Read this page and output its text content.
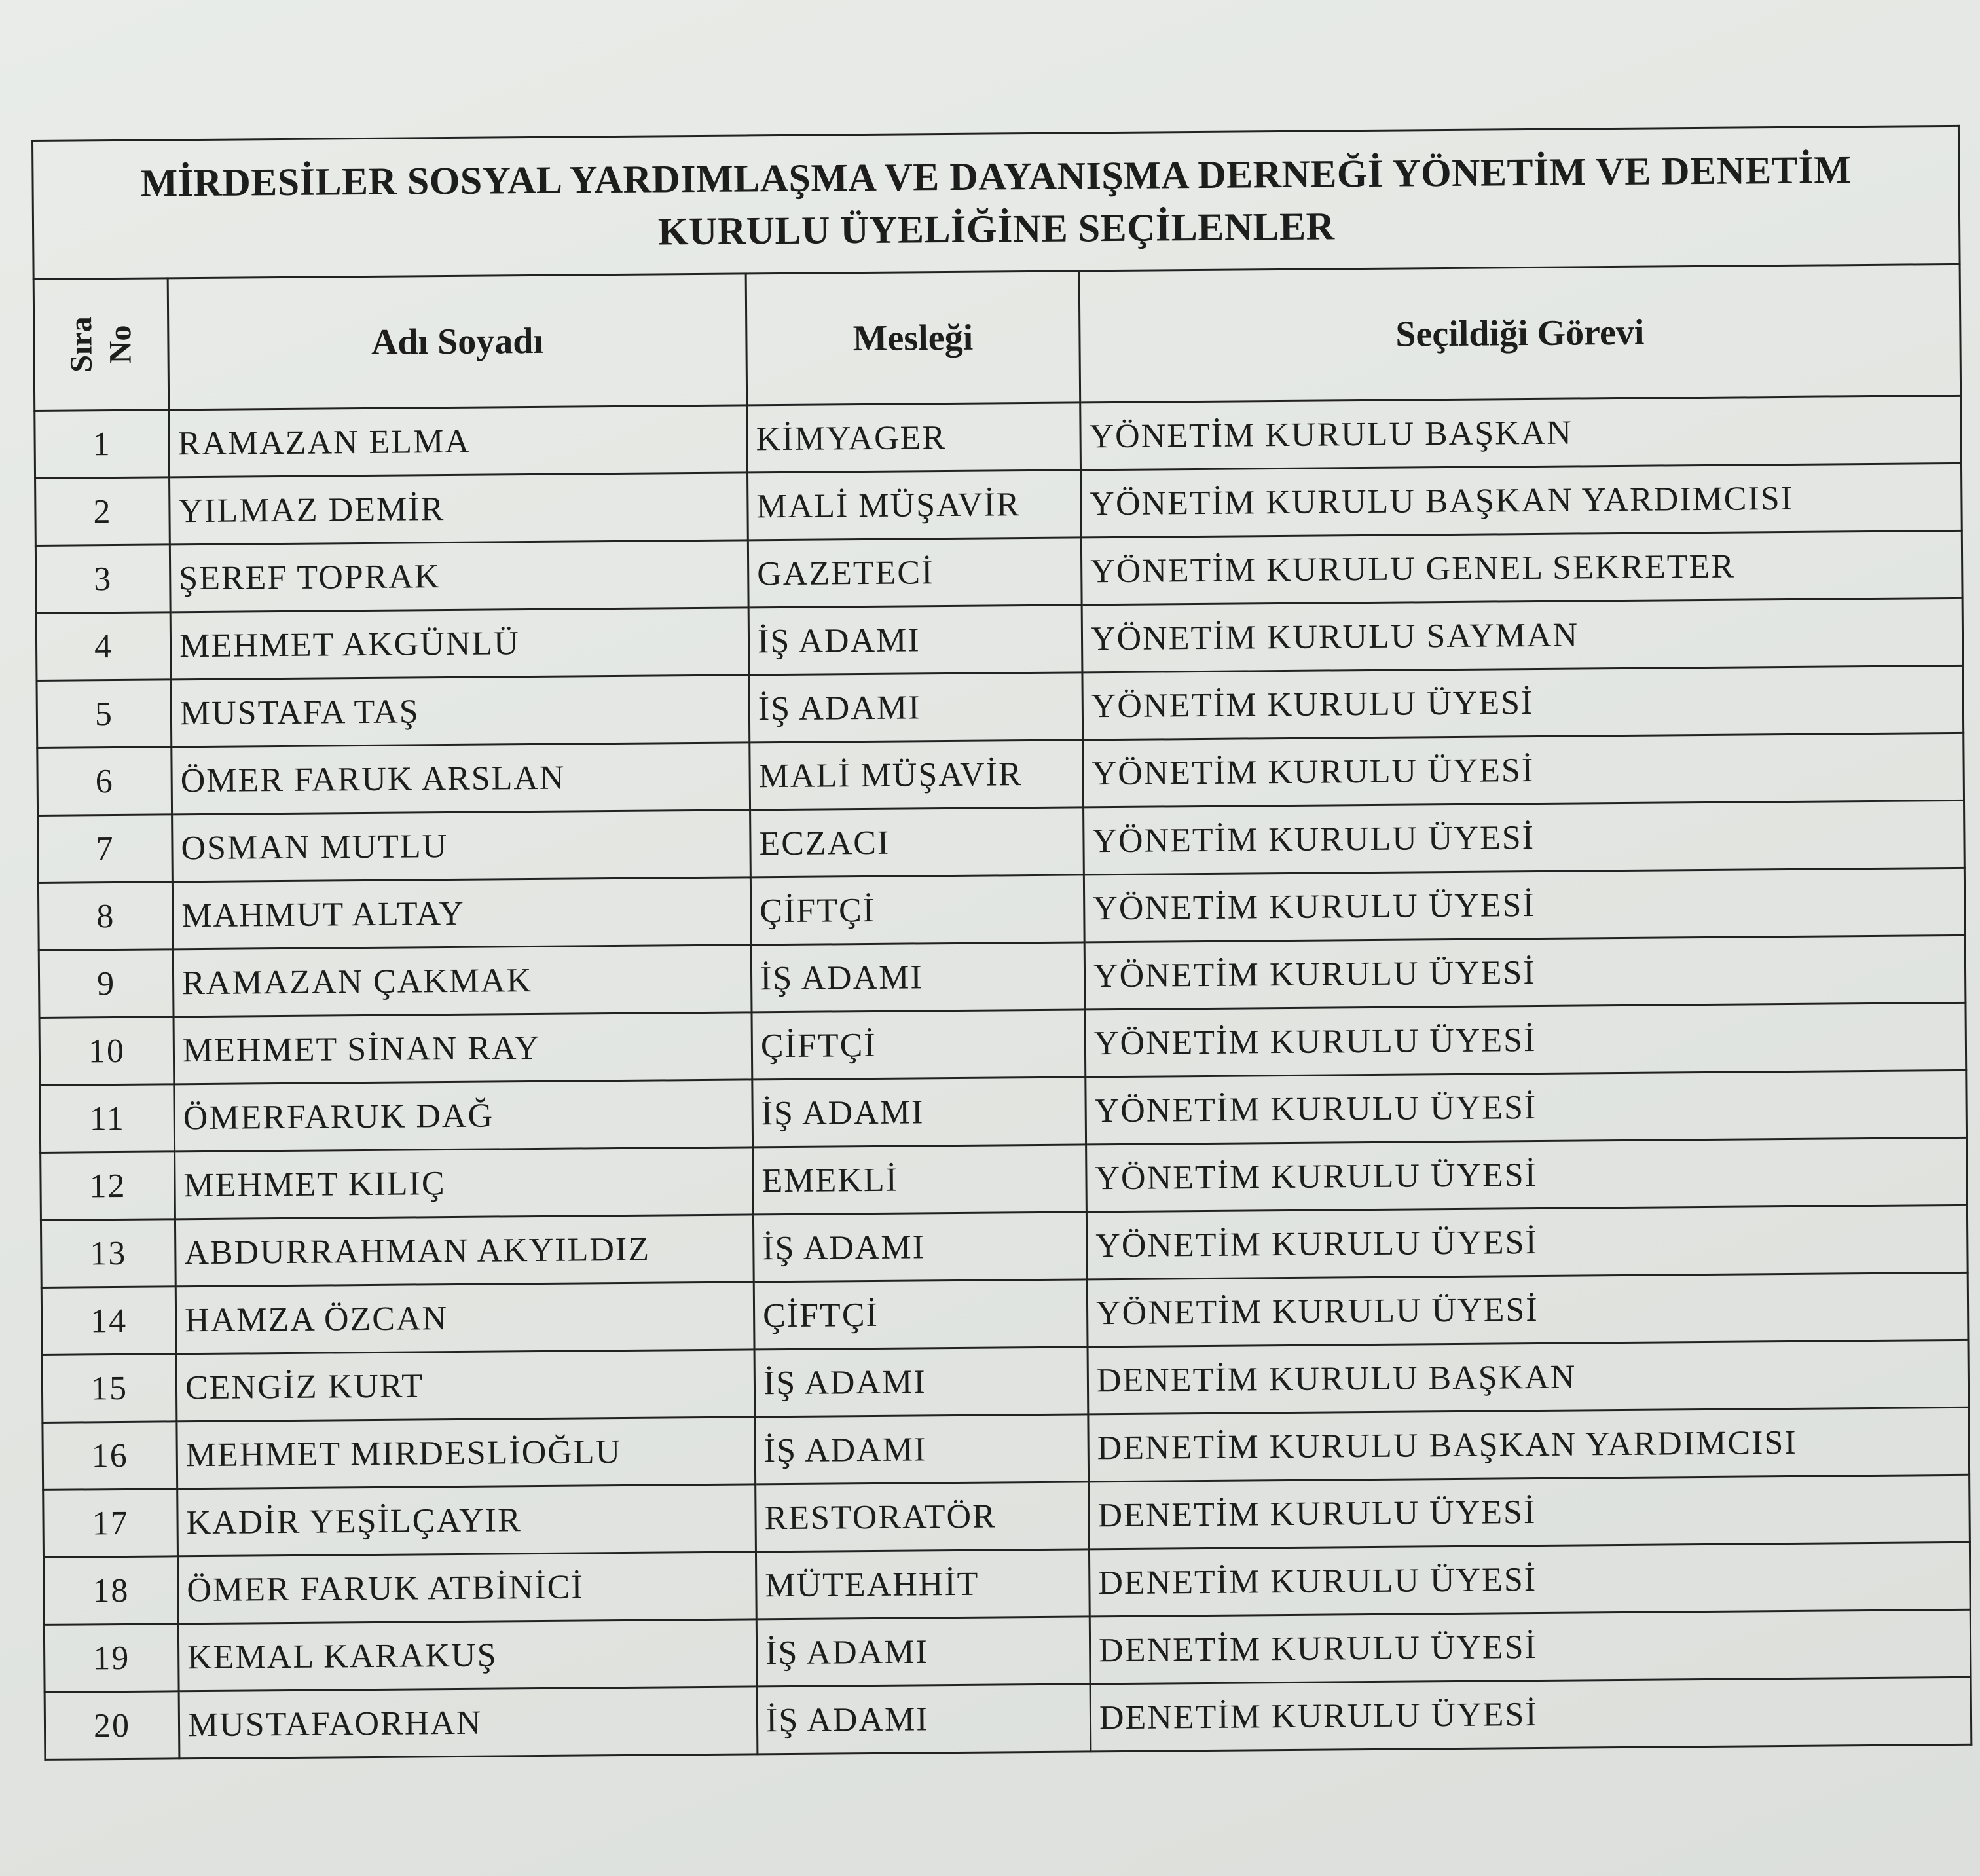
MİRDESİLER SOSYAL YARDIMLAŞMA VE DAYANIŞMA DERNEĞİ YÖNETİM VE DENETİM
KURULU ÜYELİĞİNE SEÇİLENLER			

Sıra No	Adı Soyadı	Mesleği	Seçildiği Görevi
1	RAMAZAN ELMA	KİMYAGER	YÖNETİM KURULU BAŞKAN
2	YILMAZ DEMİR	MALİ MÜŞAVİR	YÖNETİM KURULU BAŞKAN YARDIMCISI
3	ŞEREF TOPRAK	GAZETECİ	YÖNETİM KURULU GENEL SEKRETER
4	MEHMET AKGÜNLÜ	İŞ ADAMI	YÖNETİM KURULU SAYMAN
5	MUSTAFA TAŞ	İŞ ADAMI	YÖNETİM KURULU ÜYESİ
6	ÖMER FARUK ARSLAN	MALİ MÜŞAVİR	YÖNETİM KURULU ÜYESİ
7	OSMAN MUTLU	ECZACI	YÖNETİM KURULU ÜYESİ
8	MAHMUT ALTAY	ÇİFTÇİ	YÖNETİM KURULU ÜYESİ
9	RAMAZAN ÇAKMAK	İŞ ADAMI	YÖNETİM KURULU ÜYESİ
10	MEHMET SİNAN RAY	ÇİFTÇİ	YÖNETİM KURULU ÜYESİ
11	ÖMERFARUK DAĞ	İŞ ADAMI	YÖNETİM KURULU ÜYESİ
12	MEHMET KILIÇ	EMEKLİ	YÖNETİM KURULU ÜYESİ
13	ABDURRAHMAN AKYILDIZ	İŞ ADAMI	YÖNETİM KURULU ÜYESİ
14	HAMZA ÖZCAN	ÇİFTÇİ	YÖNETİM KURULU ÜYESİ
15	CENGİZ KURT	İŞ ADAMI	DENETİM KURULU BAŞKAN
16	MEHMET MIRDESLİOĞLU	İŞ ADAMI	DENETİM KURULU BAŞKAN YARDIMCISI
17	KADİR YEŞİLÇAYIR	RESTORATÖR	DENETİM KURULU ÜYESİ
18	ÖMER FARUK ATBİNİCİ	MÜTEAHHİT	DENETİM KURULU ÜYESİ
19	KEMAL KARAKUŞ	İŞ ADAMI	DENETİM KURULU ÜYESİ
20	MUSTAFAORHAN	İŞ ADAMI	DENETİM KURULU ÜYESİ
